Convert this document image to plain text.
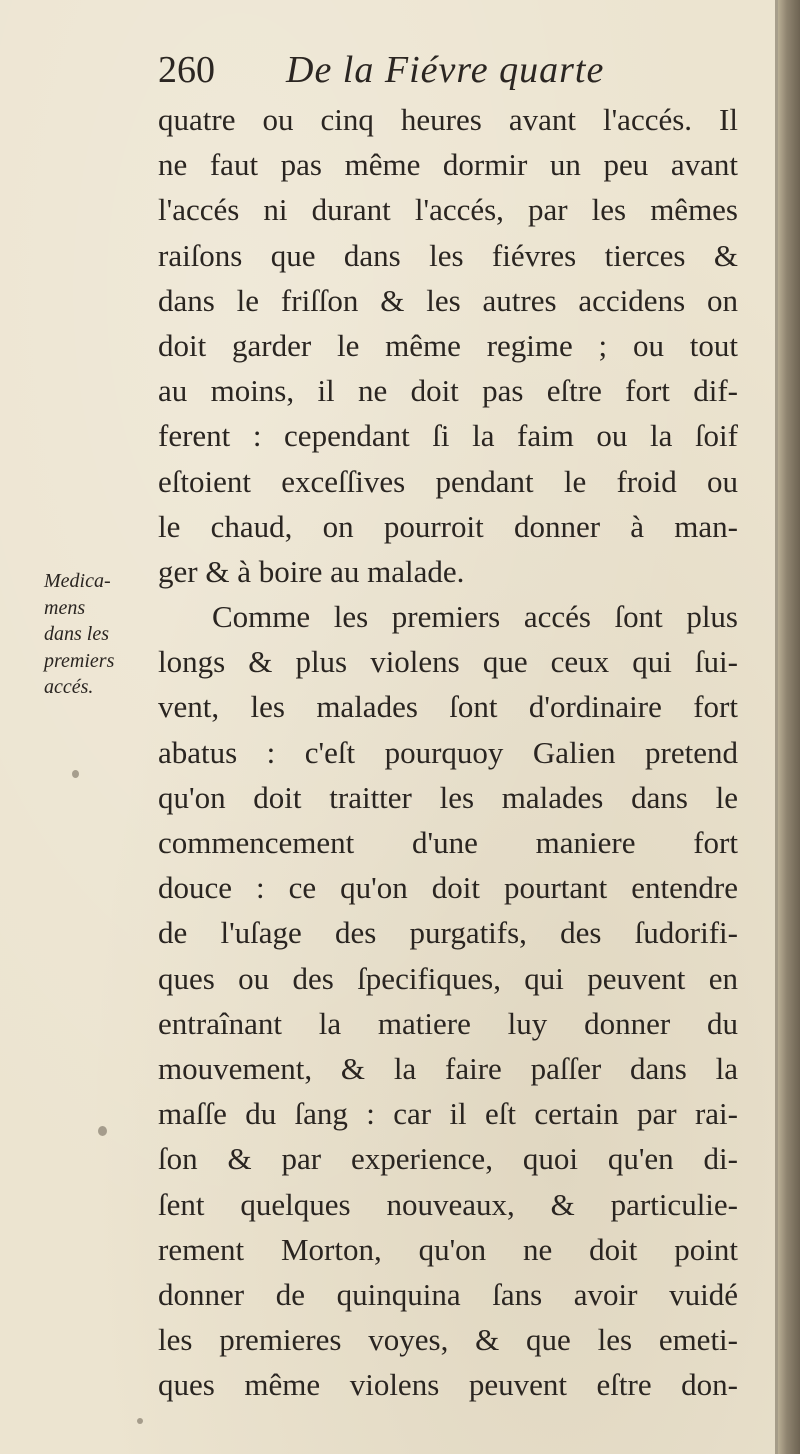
260 De la Fiévre quarte
quatre ou cinq heures avant l'accés. Il
ne faut pas même dormir un peu avant
l'accés ni durant l'accés, par les mêmes
raiſons que dans les fiévres tierces &
dans le friſſon & les autres accidens on
doit garder le même regime ; ou tout
au moins, il ne doit pas eſtre fort dif-
ferent : cependant ſi la faim ou la ſoif
eſtoient exceſſives pendant le froid ou
le chaud, on pourroit donner à man-
ger & à boire au malade.
Comme les premiers accés ſont plus
longs & plus violens que ceux qui ſui-
vent, les malades ſont d'ordinaire fort
abatus : c'eſt pourquoy Galien pretend
qu'on doit traitter les malades dans le
commencement d'une maniere fort
douce : ce qu'on doit pourtant entendre
de l'uſage des purgatifs, des ſudorifi-
ques ou des ſpecifiques, qui peuvent en
entraînant la matiere luy donner du
mouvement, & la faire paſſer dans la
maſſe du ſang : car il eſt certain par rai-
ſon & par experience, quoi qu'en di-
ſent quelques nouveaux, & particulie-
rement Morton, qu'on ne doit point
donner de quinquina ſans avoir vuidé
les premieres voyes, & que les emeti-
ques même violens peuvent eſtre don-
Medica-
mens
dans les
premiers
accés.
